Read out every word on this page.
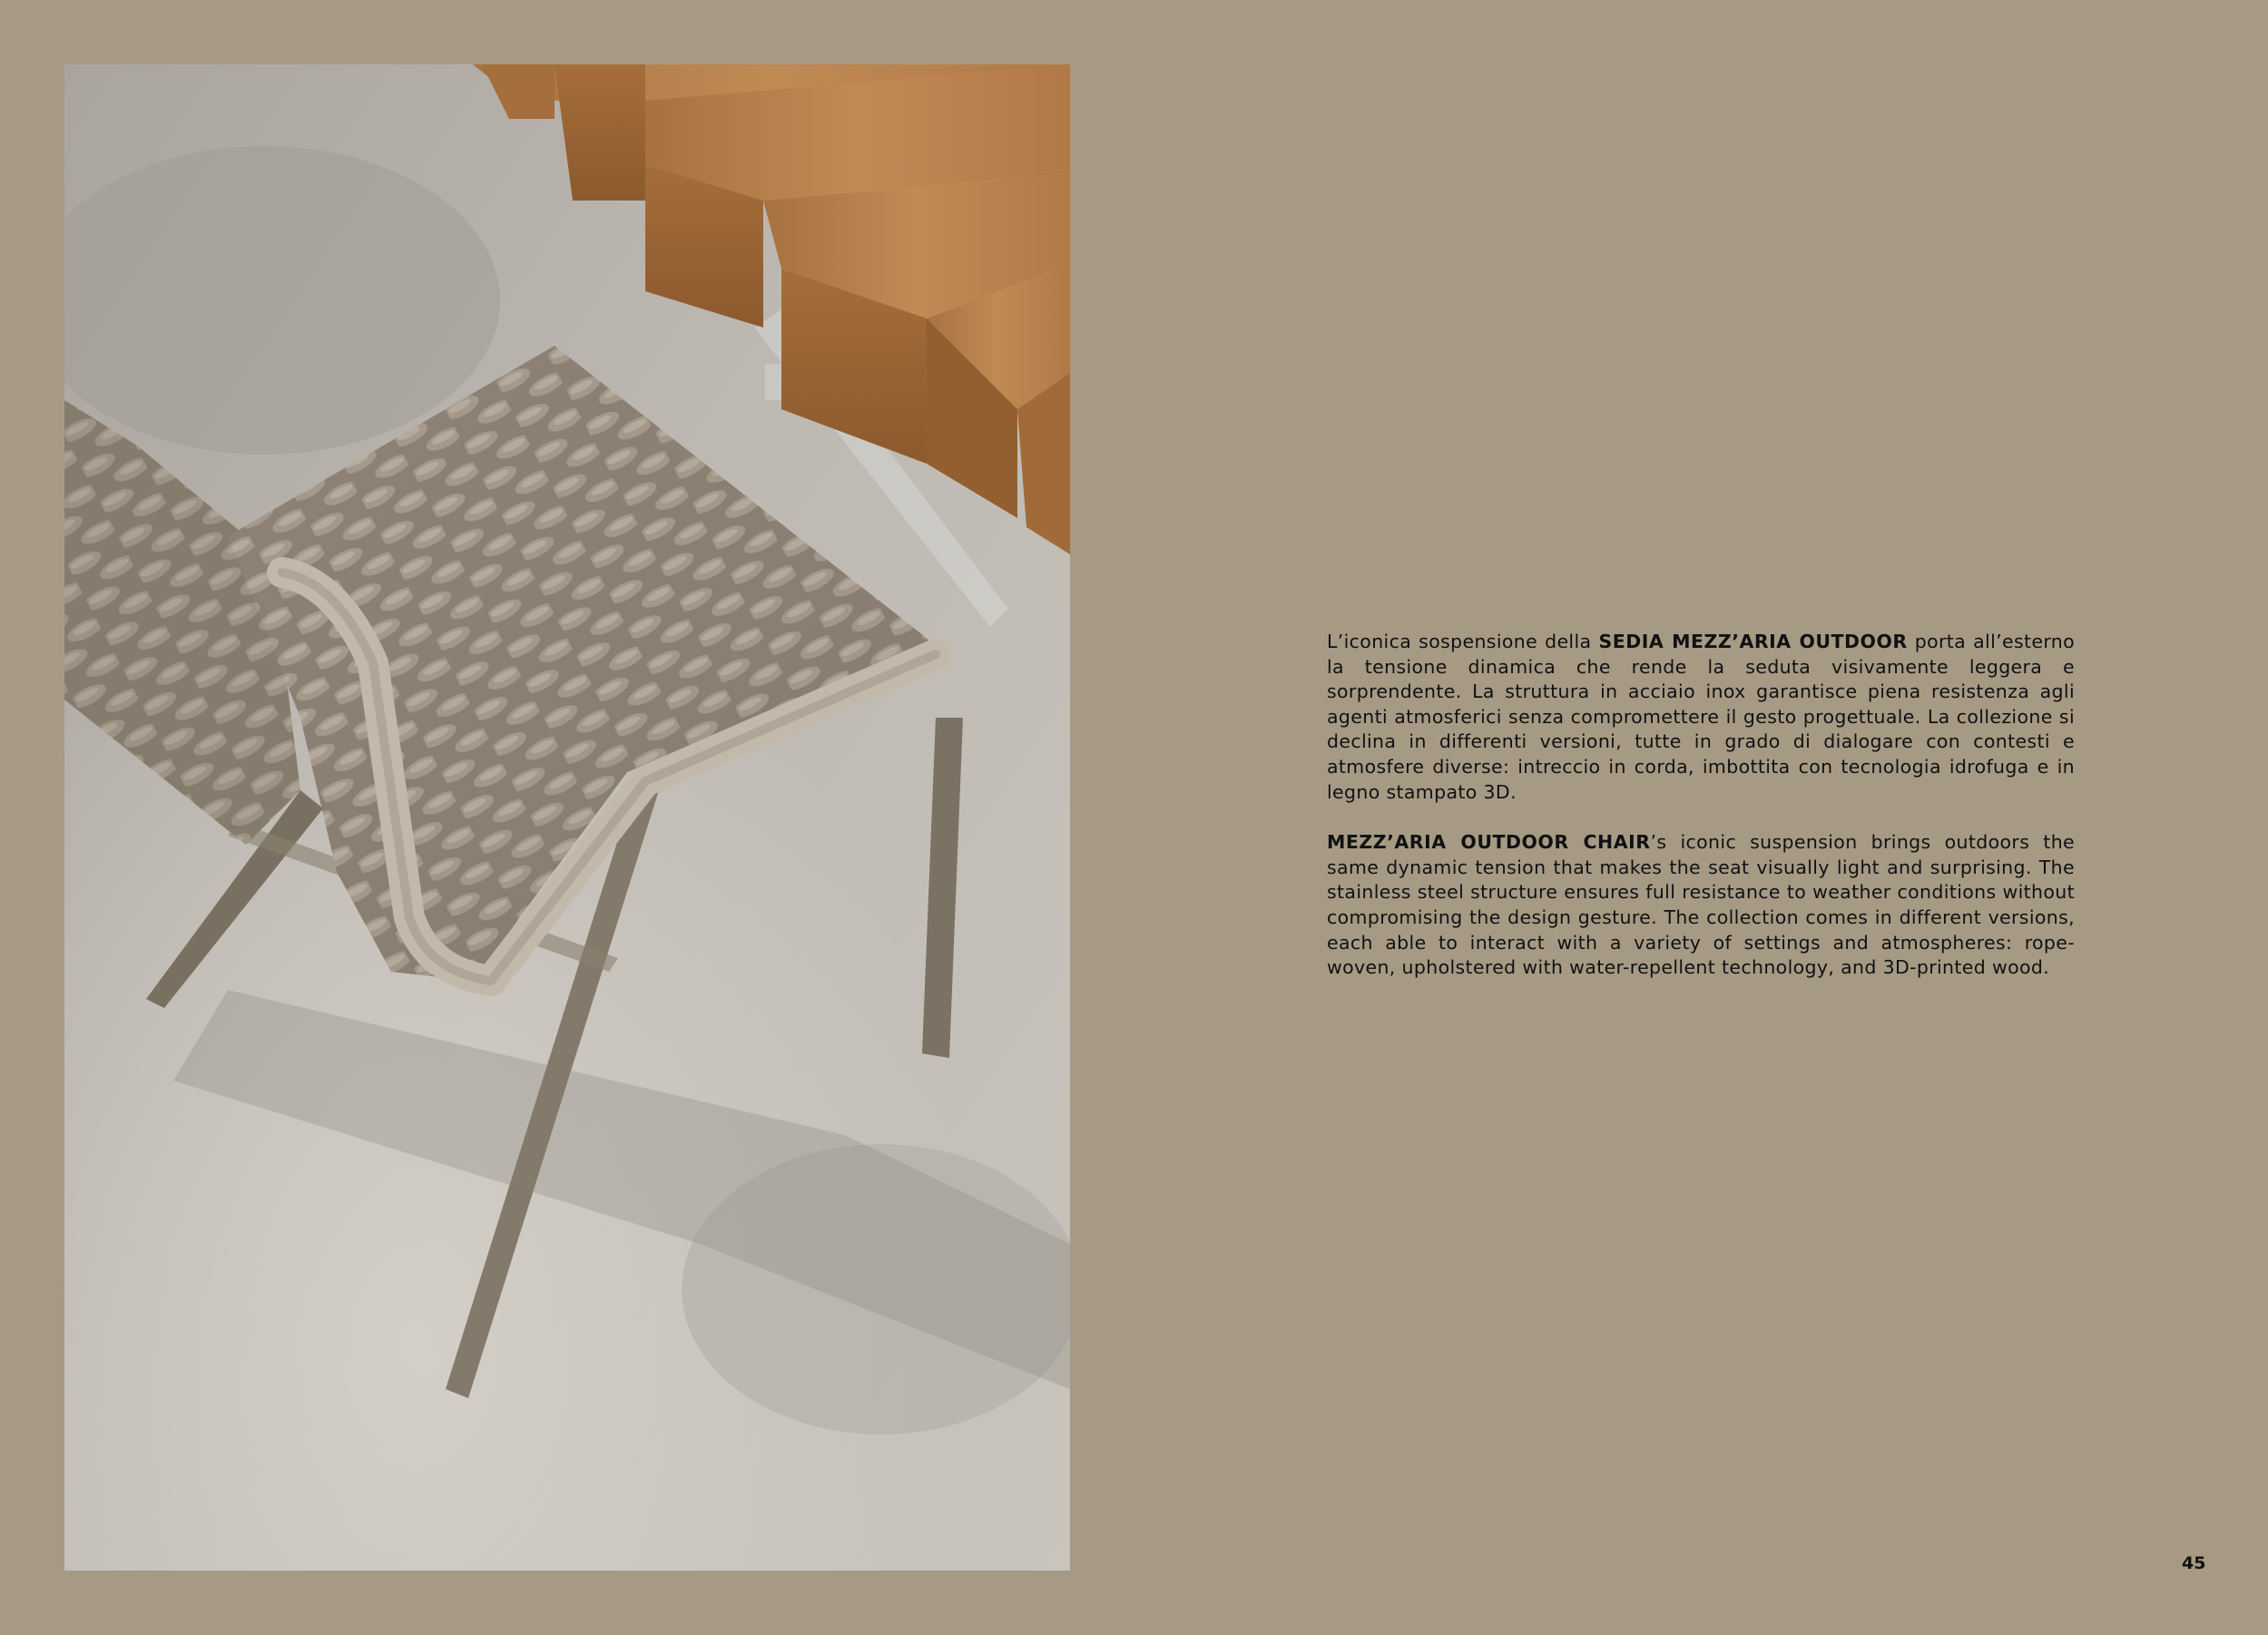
L’iconica sospensione della SEDIA MEZZ’ARIA OUTDOOR porta all’esterno la tensione dinamica che rende la seduta visivamente leggera e sorprendente. La struttura in acciaio inox garantisce piena resistenza agli agenti atmosferici senza compromettere il gesto progettuale. La collezione si declina in differenti versioni, tutte in grado di dialogare con contesti e atmosfere diverse: intreccio in corda, imbottita con tecnologia idrofuga e in legno stampato 3D.

MEZZ’ARIA OUTDOOR CHAIR’s iconic suspension brings outdoors the same dynamic tension that makes the seat visually light and surprising. The stainless steel structure ensures full resistance to weather conditions without compromising the design gesture. The collection comes in different versions, each able to interact with a variety of settings and atmospheres: rope-woven, upholstered with water-repellent technology, and 3D-printed wood.

45
